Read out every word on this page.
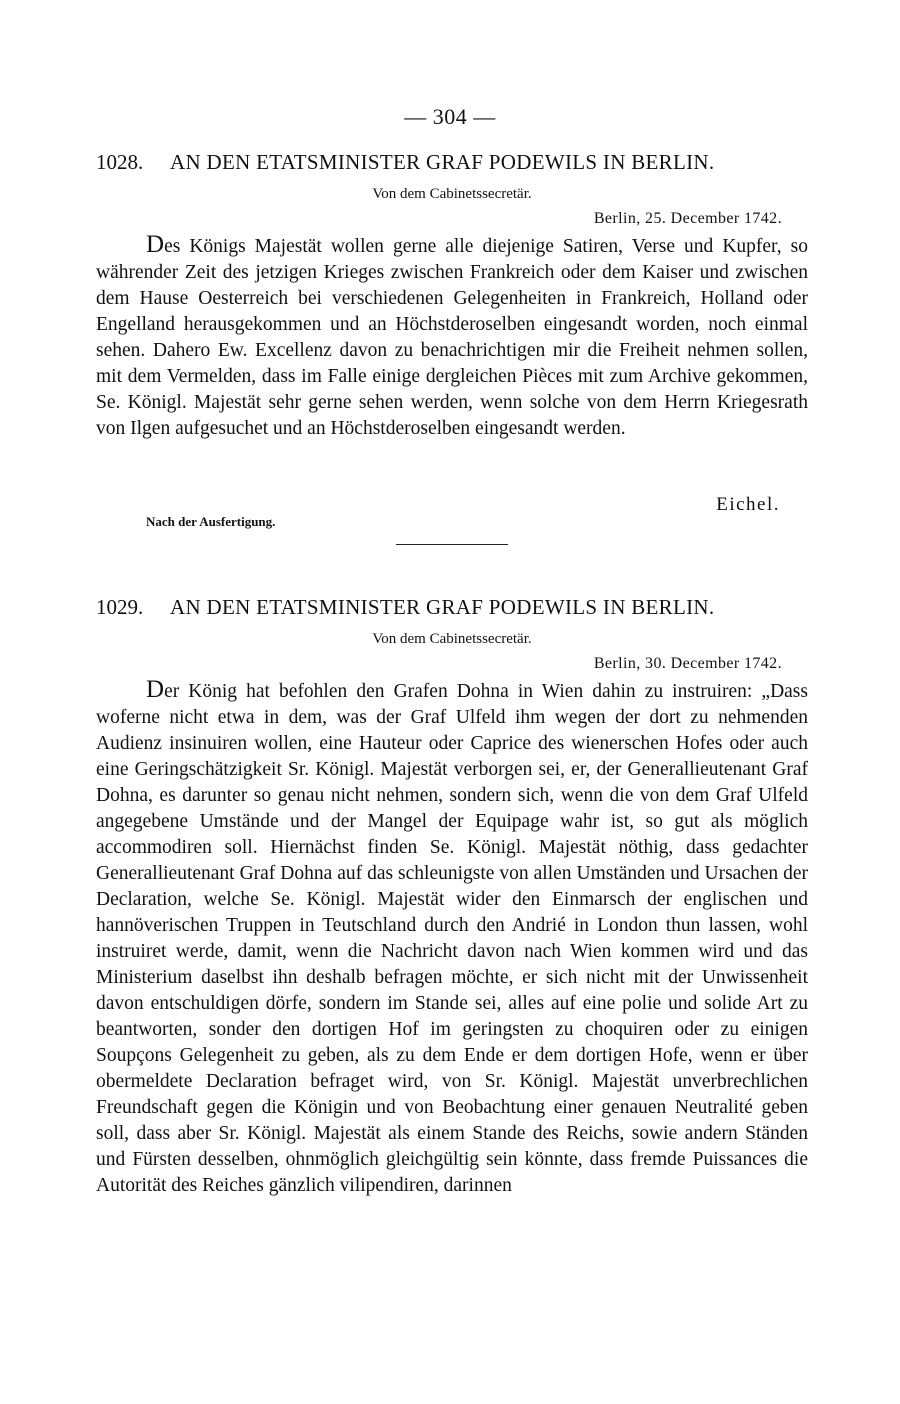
— 304 —
1028. AN DEN ETATSMINISTER GRAF PODEWILS IN BERLIN.
Von dem Cabinetssecretär.
Berlin, 25. December 1742.

Des Königs Majestät wollen gerne alle diejenige Satiren, Verse und Kupfer, so währender Zeit des jetzigen Krieges zwischen Frankreich oder dem Kaiser und zwischen dem Hause Oesterreich bei verschiedenen Gelegenheiten in Frankreich, Holland oder Engelland herausgekommen und an Höchstderoselben eingesandt worden, noch einmal sehen. Dahero Ew. Excellenz davon zu benachrichtigen mir die Freiheit nehmen sollen, mit dem Vermelden, dass im Falle einige dergleichen Pièces mit zum Archive gekommen, Se. Königl. Majestät sehr gerne sehen werden, wenn solche von dem Herrn Kriegesrath von Ilgen aufgesuchet und an Höchstderoselben eingesandt werden.

Eichel.
Nach der Ausfertigung.
1029. AN DEN ETATSMINISTER GRAF PODEWILS IN BERLIN.
Von dem Cabinetssecretär.
Berlin, 30. December 1742.

Der König hat befohlen den Grafen Dohna in Wien dahin zu instruiren: „Dass woferne nicht etwa in dem, was der Graf Ulfeld ihm wegen der dort zu nehmenden Audienz insinuiren wollen, eine Hauteur oder Caprice des wienerschen Hofes oder auch eine Geringschätzigkeit Sr. Königl. Majestät verborgen sei, er, der Generallieutenant Graf Dohna, es darunter so genau nicht nehmen, sondern sich, wenn die von dem Graf Ulfeld angegebene Umstände und der Mangel der Equipage wahr ist, so gut als möglich accommodiren soll. Hiernächst finden Se. Königl. Majestät nöthig, dass gedachter Generallieutenant Graf Dohna auf das schleunigste von allen Umständen und Ursachen der Declaration, welche Se. Königl. Majestät wider den Einmarsch der englischen und hannöverischen Truppen in Teutschland durch den Andrié in London thun lassen, wohl instruiret werde, damit, wenn die Nachricht davon nach Wien kommen wird und das Ministerium daselbst ihn deshalb befragen möchte, er sich nicht mit der Unwissenheit davon entschuldigen dörfe, sondern im Stande sei, alles auf eine polie und solide Art zu beantworten, sonder den dortigen Hof im geringsten zu choquiren oder zu einigen Soupçons Gelegenheit zu geben, als zu dem Ende er dem dortigen Hofe, wenn er über obermeldete Declaration befraget wird, von Sr. Königl. Majestät unverbrechlichen Freundschaft gegen die Königin und von Beobachtung einer genauen Neutralité geben soll, dass aber Sr. Königl. Majestät als einem Stande des Reichs, sowie andern Ständen und Fürsten desselben, ohnmöglich gleichgültig sein könnte, dass fremde Puissances die Autorität des Reiches gänzlich vilipendiren, darinnen
